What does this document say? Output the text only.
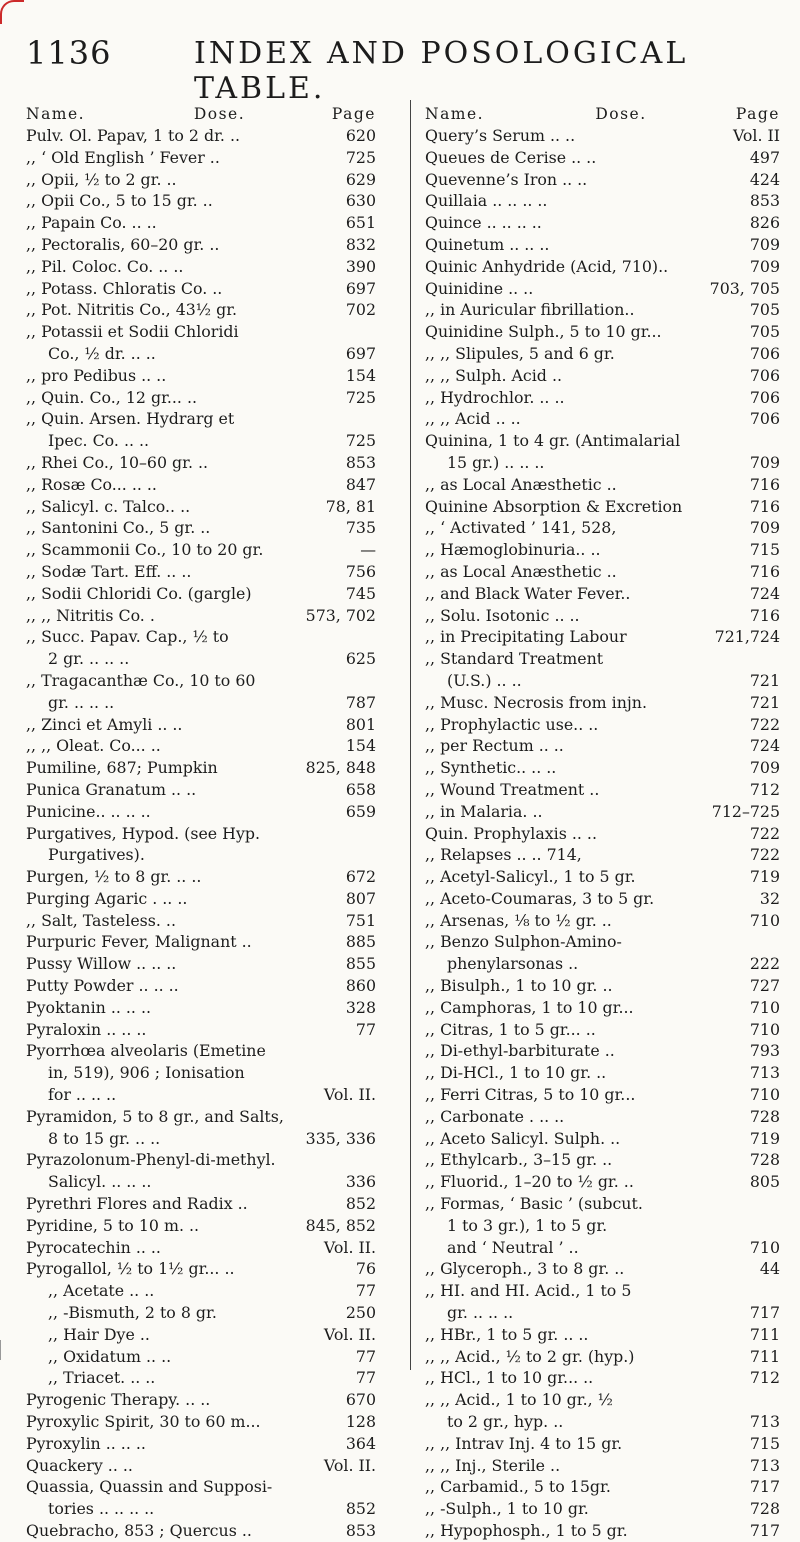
1136	INDEX AND POSOLOGICAL TABLE.
Name.	Dose.	Page
Pulv. Ol. Papav, 1 to 2 dr. ..	620
,, ‘ Old English ’ Fever ..	725
,, Opii, ½ to 2 gr. ..	629
,, Opii Co., 5 to 15 gr. ..	630
,, Papain Co. .. ..	651
,, Pectoralis, 60–20 gr. ..	832
,, Pil. Coloc. Co. .. ..	390
,, Potass. Chloratis Co. ..	697
,, Pot. Nitritis Co., 43½ gr.	702
,, Potassii et Sodii Chloridi
Co., ½ dr. .. ..	697
,, pro Pedibus .. ..	154
,, Quin. Co., 12 gr... ..	725
,, Quin. Arsen. Hydrarg et
Ipec. Co. .. ..	725
,, Rhei Co., 10–60 gr. ..	853
,, Rosæ Co... .. ..	847
,, Salicyl. c. Talco.. ..	78, 81
,, Santonini Co., 5 gr. ..	735
,, Scammonii Co., 10 to 20 gr.	—
,, Sodæ Tart. Eff. .. ..	756
,, Sodii Chloridi Co. (gargle)	745
,, ,, Nitritis Co. .	573, 702
,, Succ. Papav. Cap., ½ to
2 gr. .. .. ..	625
,, Tragacanthæ Co., 10 to 60
gr. .. .. ..	787
,, Zinci et Amyli .. ..	801
,, ,, Oleat. Co... ..	154
Pumiline, 687; Pumpkin	825, 848
Punica Granatum .. ..	658
Punicine.. .. .. ..	659
Purgatives, Hypod. (see Hyp.
Purgatives).
Purgen, ½ to 8 gr. .. ..	672
Purging Agaric . .. ..	807
,, Salt, Tasteless. ..	751
Purpuric Fever, Malignant ..	885
Pussy Willow .. .. ..	855
Putty Powder .. .. ..	860
Pyoktanin .. .. ..	328
Pyraloxin .. .. ..	77
Pyorrhœa alveolaris (Emetine
in, 519), 906 ; Ionisation
for .. .. ..	Vol. II.
Pyramidon, 5 to 8 gr., and Salts,
8 to 15 gr. .. ..	335, 336
Pyrazolonum-Phenyl-di-methyl.
Salicyl. .. .. ..	336
Pyrethri Flores and Radix ..	852
Pyridine, 5 to 10 m. ..	845, 852
Pyrocatechin .. ..	Vol. II.
Pyrogallol, ½ to 1½ gr... ..	76
,, Acetate .. ..	77
,, -Bismuth, 2 to 8 gr.	250
,, Hair Dye ..	Vol. II.
,, Oxidatum .. ..	77
,, Triacet. .. ..	77
Pyrogenic Therapy. .. ..	670
Pyroxylic Spirit, 30 to 60 m...	128
Pyroxylin .. .. ..	364
Quackery .. ..	Vol. II.
Quassia, Quassin and Supposi-
tories .. .. .. ..	852
Quebracho, 853 ; Quercus ..	853
Name.	Dose.	Page
Query’s Serum .. ..	Vol. II
Queues de Cerise .. ..	497
Quevenne’s Iron .. ..	424
Quillaia .. .. .. ..	853
Quince .. .. .. ..	826
Quinetum .. .. ..	709
Quinic Anhydride (Acid, 710)..	709
Quinidine .. ..	703, 705
,, in Auricular fibrillation..	705
Quinidine Sulph., 5 to 10 gr...	705
,, ,, Slipules, 5 and 6 gr.	706
,, ,, Sulph. Acid ..	706
,, Hydrochlor. .. ..	706
,, ,, Acid .. ..	706
Quinina, 1 to 4 gr. (Antimalarial
15 gr.) .. .. ..	709
,, as Local Anæsthetic ..	716
Quinine Absorption & Excretion	716
,, ‘ Activated ’ 141, 528,	709
,, Hæmoglobinuria.. ..	715
,, as Local Anæsthetic ..	716
,, and Black Water Fever..	724
,, Solu. Isotonic .. ..	716
,, in Precipitating Labour	721,724
,, Standard Treatment
(U.S.) .. ..	721
,, Musc. Necrosis from injn.	721
,, Prophylactic use.. ..	722
,, per Rectum .. ..	724
,, Synthetic.. .. ..	709
,, Wound Treatment ..	712
,, in Malaria. ..	712–725
Quin. Prophylaxis .. ..	722
,, Relapses .. .. 714,	722
,, Acetyl-Salicyl., 1 to 5 gr.	719
,, Aceto-Coumaras, 3 to 5 gr.	32
,, Arsenas, ⅛ to ½ gr. ..	710
,, Benzo Sulphon-Amino-
phenylarsonas ..	222
,, Bisulph., 1 to 10 gr. ..	727
,, Camphoras, 1 to 10 gr...	710
,, Citras, 1 to 5 gr... ..	710
,, Di-ethyl-barbiturate ..	793
,, Di-HCl., 1 to 10 gr. ..	713
,, Ferri Citras, 5 to 10 gr...	710
,, Carbonate . .. ..	728
,, Aceto Salicyl. Sulph. ..	719
,, Ethylcarb., 3–15 gr. ..	728
,, Fluorid., 1–20 to ½ gr. ..	805
,, Formas, ‘ Basic ’ (subcut.
1 to 3 gr.), 1 to 5 gr.
and ‘ Neutral ’ ..	710
,, Glyceroph., 3 to 8 gr. ..	44
,, HI. and HI. Acid., 1 to 5
gr. .. .. ..	717
,, HBr., 1 to 5 gr. .. ..	711
,, ,, Acid., ½ to 2 gr. (hyp.)	711
,, HCl., 1 to 10 gr... ..	712
,, ,, Acid., 1 to 10 gr., ½
to 2 gr., hyp. ..	713
,, ,, Intrav Inj. 4 to 15 gr.	715
,, ,, Inj., Sterile ..	713
,, Carbamid., 5 to 15gr.	717
,, -Sulph., 1 to 10 gr.	728
,, Hypophosph., 1 to 5 gr.	717
